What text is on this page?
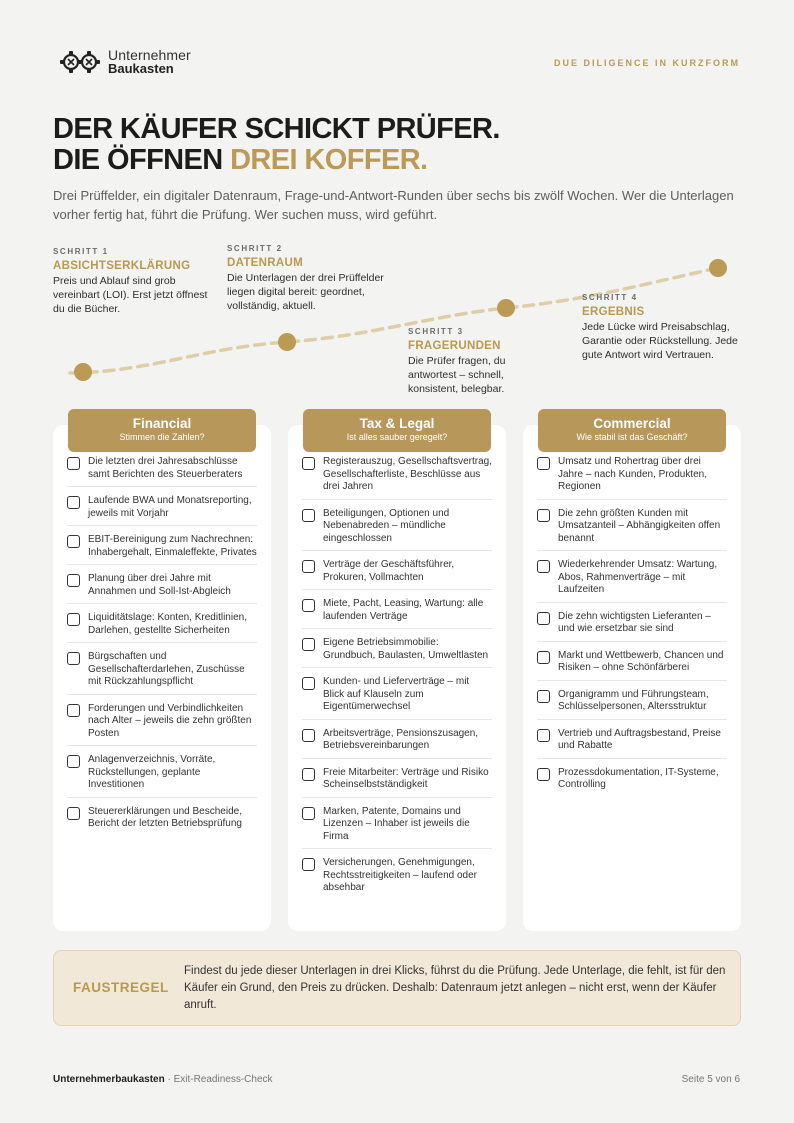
Unternehmer
Baukasten	DUE DILIGENCE IN KURZFORM
DER KÄUFER SCHICKT PRÜFER.
DIE ÖFFNEN DREI KOFFER.

Drei Prüffelder, ein digitaler Datenraum, Frage-und-Antwort-Runden über sechs bis zwölf Wochen. Wer die Unterlagen vorher fertig hat, führt die Prüfung. Wer suchen muss, wird geführt.

SCHRITT 1
ABSICHTSERKLÄRUNG
Preis und Ablauf sind grob vereinbart (LOI). Erst jetzt öffnest du die Bücher.
SCHRITT 2
DATENRAUM
Die Unterlagen der drei Prüffelder liegen digital bereit: geordnet, vollständig, aktuell.
SCHRITT 3
FRAGERUNDEN
Die Prüfer fragen, du antwortest – schnell, konsistent, belegbar.
SCHRITT 4
ERGEBNIS
Jede Lücke wird Preisabschlag, Garantie oder Rückstellung. Jede gute Antwort wird Vertrauen.
Die letzten drei Jahresabschlüsse samt Berichten des Steuerberaters
Laufende BWA und Monatsreporting, jeweils mit Vorjahr
EBIT-Bereinigung zum Nachrechnen: Inhabergehalt, Einmaleffekte, Privates
Planung über drei Jahre mit Annahmen und Soll-Ist-Abgleich
Liquiditätslage: Konten, Kreditlinien, Darlehen, gestellte Sicherheiten
Bürgschaften und Gesellschafterdarlehen, Zuschüsse mit Rückzahlungspflicht
Forderungen und Verbindlichkeiten nach Alter – jeweils die zehn größten Posten
Anlagenverzeichnis, Vorräte, Rückstellungen, geplante Investitionen
Steuererklärungen und Bescheide, Bericht der letzten Betriebsprüfung
Financial
Stimmen die Zahlen?
Registerauszug, Gesellschaftsvertrag, Gesellschafterliste, Beschlüsse aus drei Jahren
Beteiligungen, Optionen und Nebenabreden – mündliche eingeschlossen
Verträge der Geschäftsführer, Prokuren, Vollmachten
Miete, Pacht, Leasing, Wartung: alle laufenden Verträge
Eigene Betriebsimmobilie: Grundbuch, Baulasten, Umweltlasten
Kunden- und Lieferverträge – mit Blick auf Klauseln zum Eigentümerwechsel
Arbeitsverträge, Pensionszusagen, Betriebsvereinbarungen
Freie Mitarbeiter: Verträge und Risiko Scheinselbstständigkeit
Marken, Patente, Domains und Lizenzen – Inhaber ist jeweils die Firma
Versicherungen, Genehmigungen, Rechtsstreitigkeiten – laufend oder absehbar
Tax & Legal
Ist alles sauber geregelt?
Umsatz und Rohertrag über drei Jahre – nach Kunden, Produkten, Regionen
Die zehn größten Kunden mit Umsatzanteil – Abhängigkeiten offen benannt
Wiederkehrender Umsatz: Wartung, Abos, Rahmenverträge – mit Laufzeiten
Die zehn wichtigsten Lieferanten – und wie ersetzbar sie sind
Markt und Wettbewerb, Chancen und Risiken – ohne Schönfärberei
Organigramm und Führungsteam, Schlüsselpersonen, Altersstruktur
Vertrieb und Auftragsbestand, Preise und Rabatte
Prozessdokumentation, IT-Systeme, Controlling
Commercial
Wie stabil ist das Geschäft?
FAUSTREGEL
Findest du jede dieser Unterlagen in drei Klicks, führst du die Prüfung. Jede Unterlage, die fehlt, ist für den Käufer ein Grund, den Preis zu drücken. Deshalb: Datenraum jetzt anlegen – nicht erst, wenn der Käufer anruft.
Unternehmerbaukasten · Exit-Readiness-Check	Seite 5 von 6
